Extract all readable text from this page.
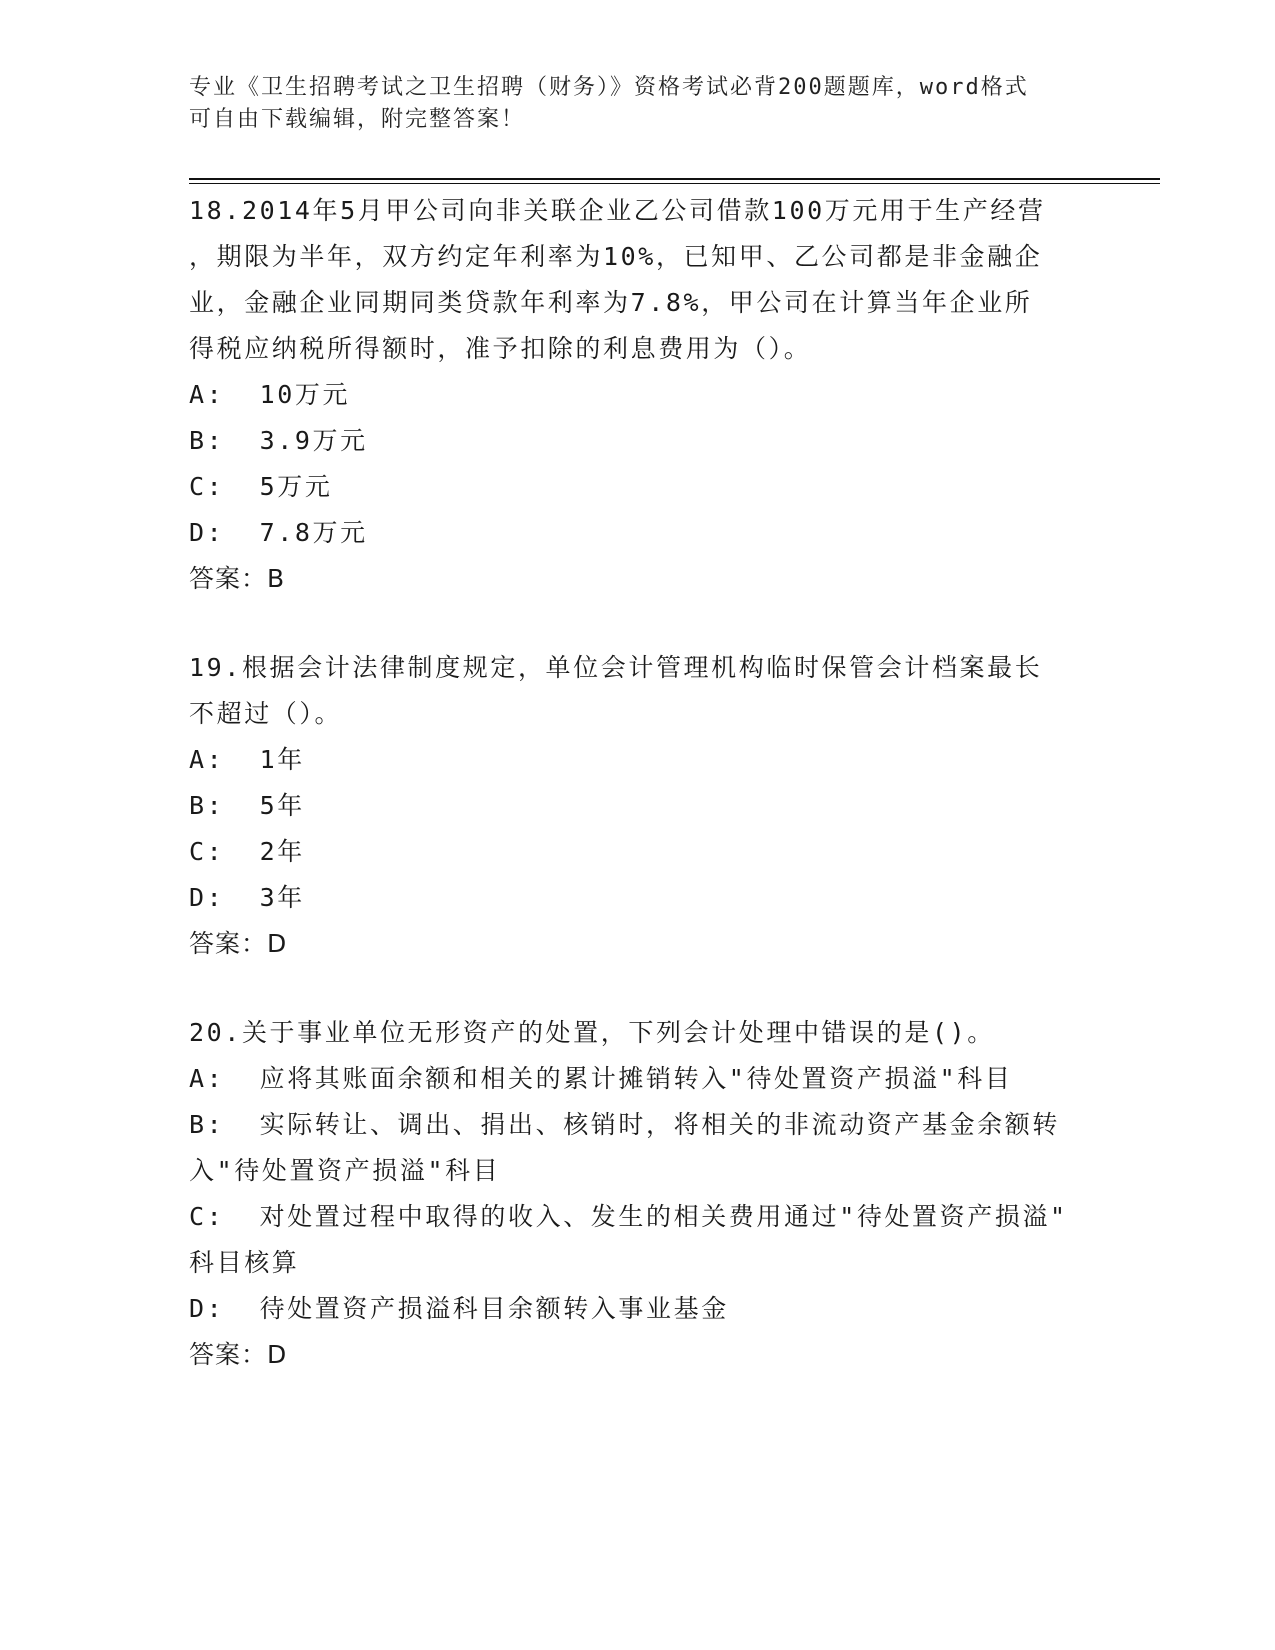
专业《卫生招聘考试之卫生招聘（财务）》资格考试必背200题题库，word格式

可自由下载编辑，附完整答案！

18.2014年5月甲公司向非关联企业乙公司借款100万元用于生产经营

，期限为半年，双方约定年利率为10%，已知甲、乙公司都是非金融企

业，金融企业同期同类贷款年利率为7.8%，甲公司在计算当年企业所

得税应纳税所得额时，准予扣除的利息费用为（）。

A:  10万元

B:  3.9万元

C:  5万元

D:  7.8万元

答案：B

19.根据会计法律制度规定，单位会计管理机构临时保管会计档案最长

不超过（）。

A:  1年

B:  5年

C:  2年

D:  3年

答案：D

20.关于事业单位无形资产的处置，下列会计处理中错误的是()。

A:  应将其账面余额和相关的累计摊销转入"待处置资产损溢"科目

B:  实际转让、调出、捐出、核销时，将相关的非流动资产基金余额转

入"待处置资产损溢"科目

C:  对处置过程中取得的收入、发生的相关费用通过"待处置资产损溢"

科目核算

D:  待处置资产损溢科目余额转入事业基金

答案：D
